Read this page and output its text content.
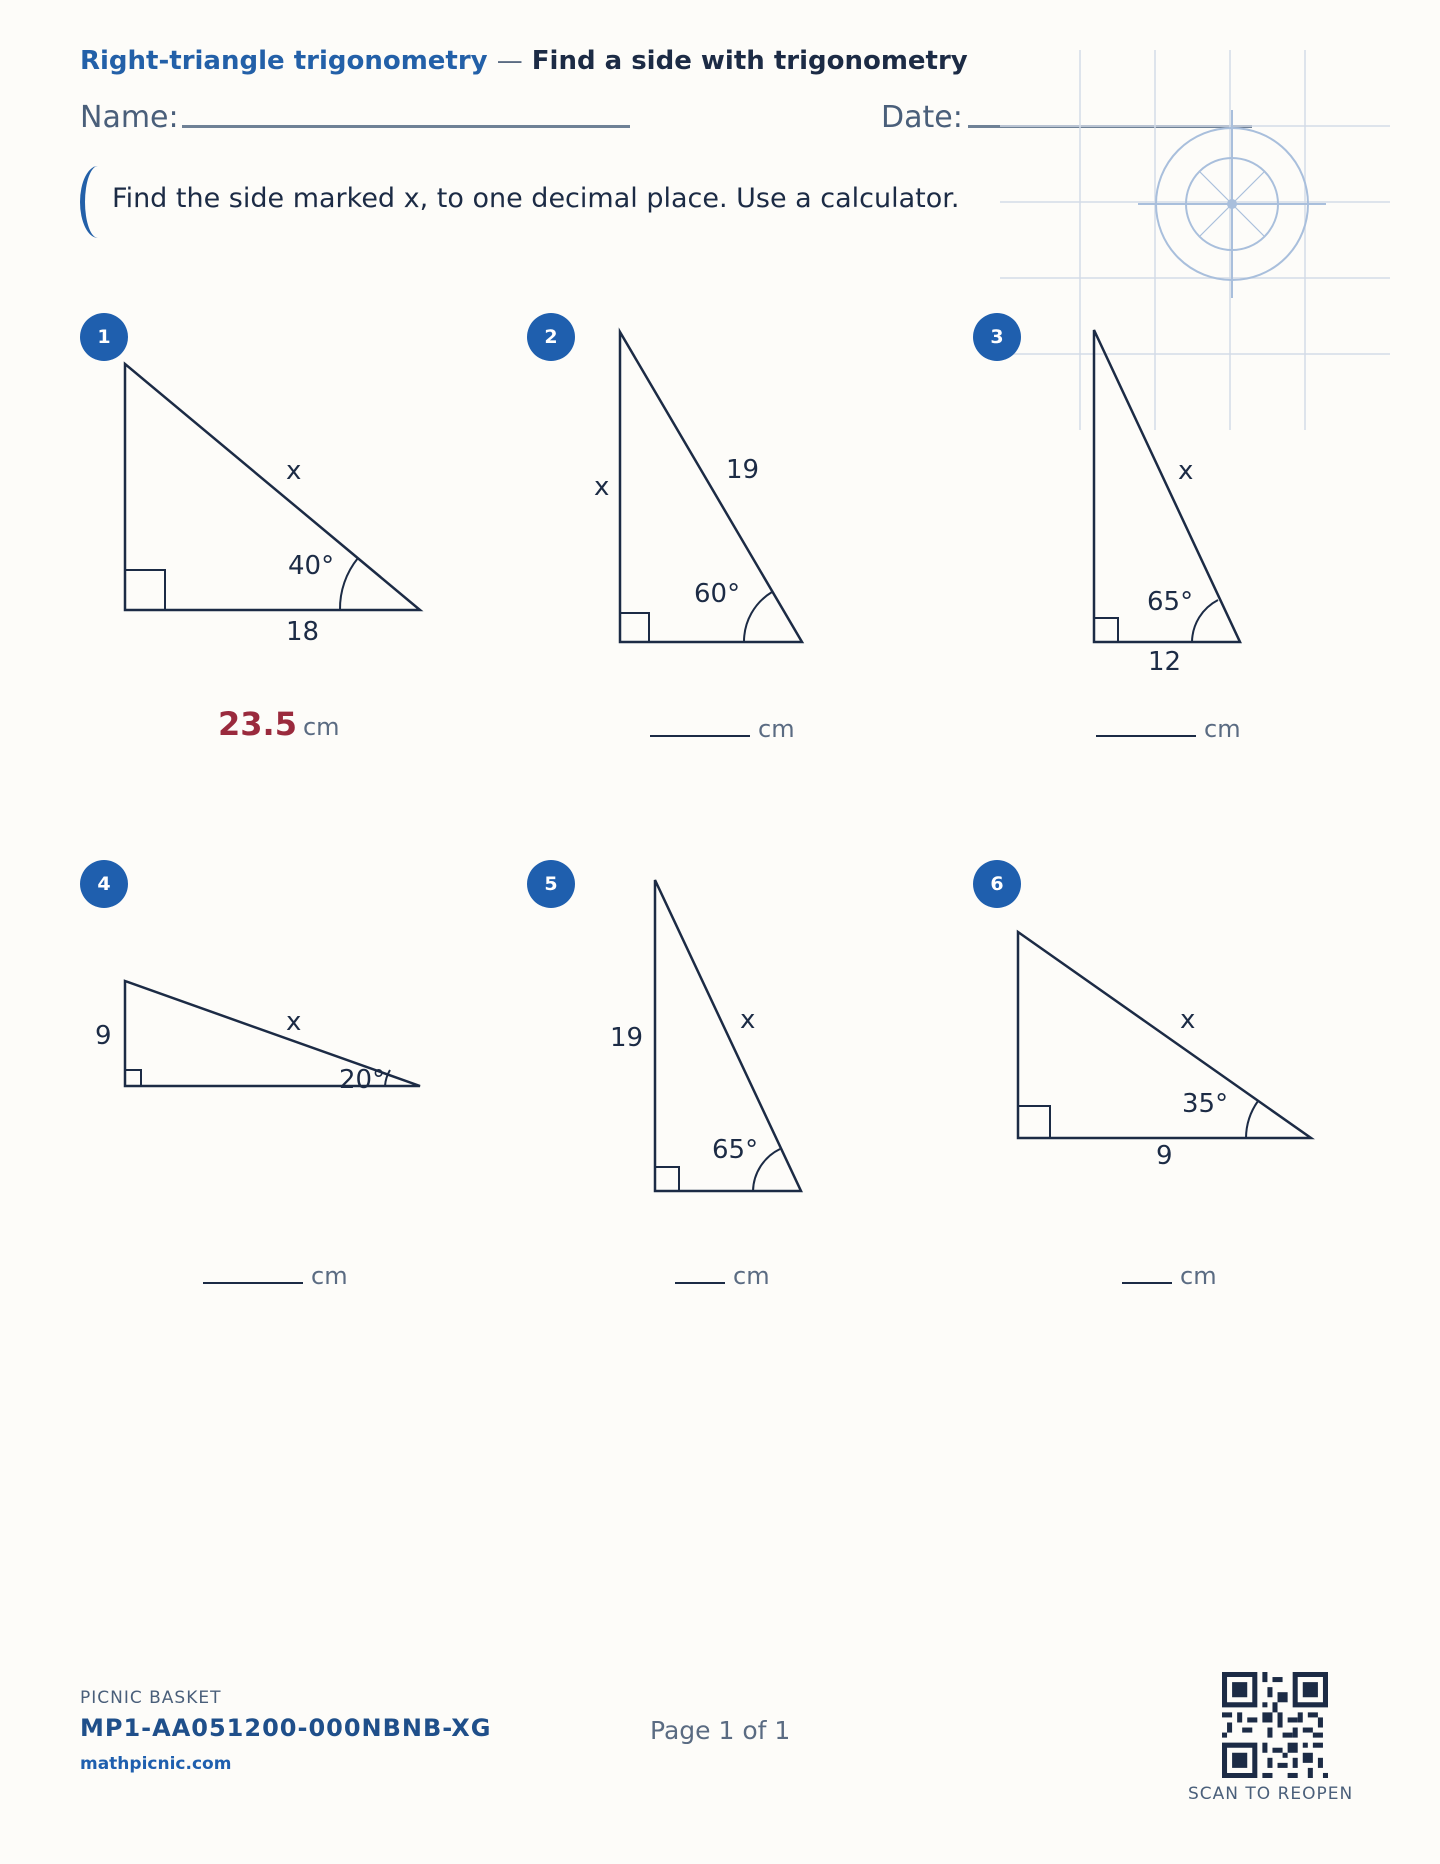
Right-triangle trigonometry — Find a side with trigonometry
Name:	Date:
Find the side marked x, to one decimal place. Use a calculator.
1
40°
18
x
23.5 cm
2
60°
19
x
cm
3
65°
12
x
cm
4
20°
9	x
cm
5
65°
19
x
cm
6
35°
9
x
cm
PICNIC BASKET
MP1-AA051200-000NBNB-XG
mathpicnic.com
Page 1 of 1
SCAN TO REOPEN
